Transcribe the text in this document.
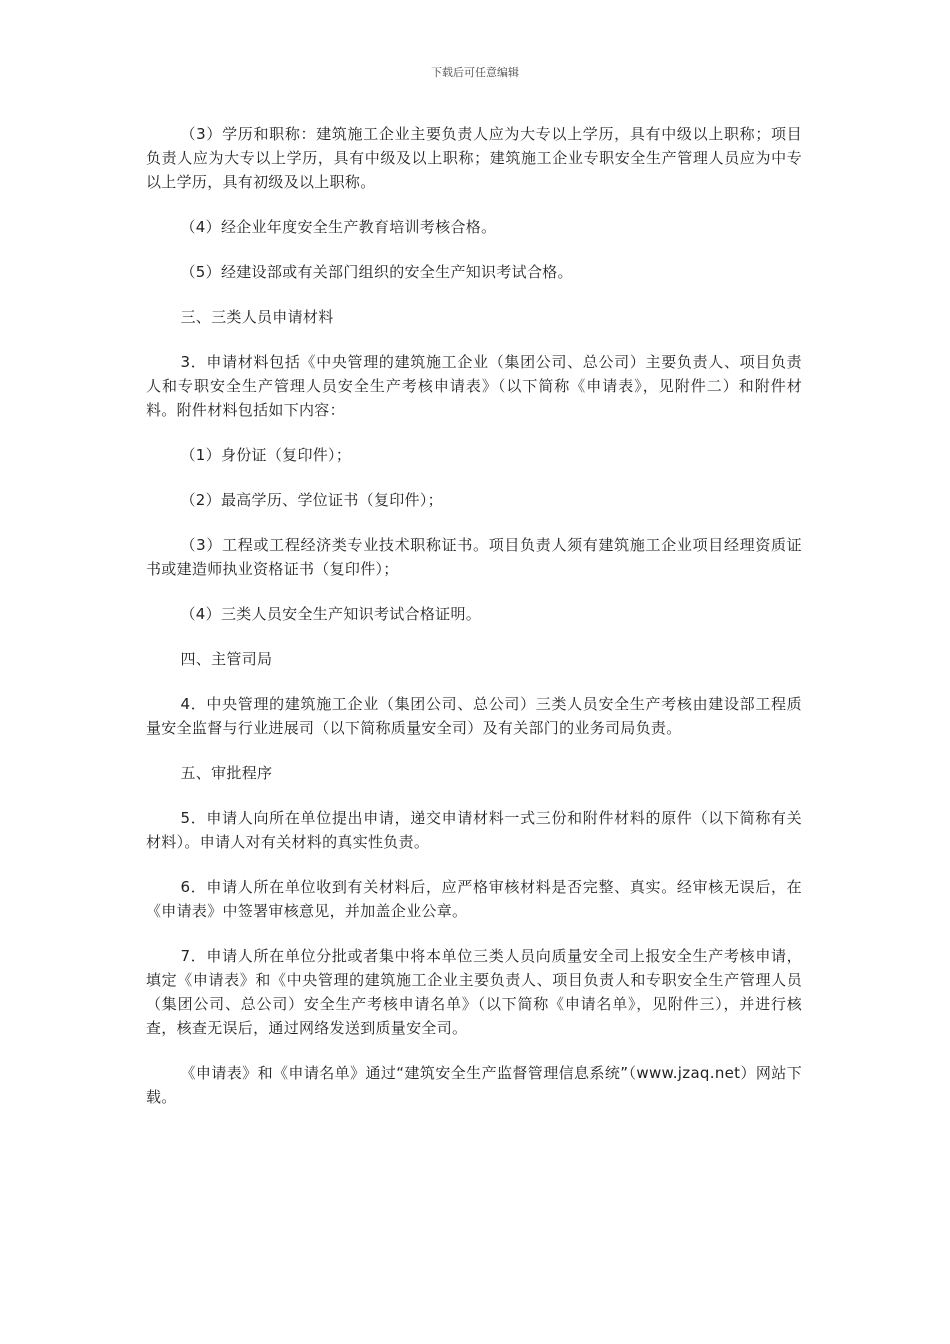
下载后可任意编辑

（3）学历和职称：建筑施工企业主要负责人应为大专以上学历，具有中级以上职称；项目负责人应为大专以上学历，具有中级及以上职称；建筑施工企业专职安全生产管理人员应为中专以上学历，具有初级及以上职称。

（4）经企业年度安全生产教育培训考核合格。

（5）经建设部或有关部门组织的安全生产知识考试合格。

三、三类人员申请材料

3．申请材料包括《中央管理的建筑施工企业（集团公司、总公司）主要负责人、项目负责人和专职安全生产管理人员安全生产考核申请表》（以下简称《申请表》，见附件二）和附件材料。附件材料包括如下内容：

（1）身份证（复印件）；

（2）最高学历、学位证书（复印件）；

（3）工程或工程经济类专业技术职称证书。项目负责人须有建筑施工企业项目经理资质证书或建造师执业资格证书（复印件）；

（4）三类人员安全生产知识考试合格证明。

四、主管司局

4．中央管理的建筑施工企业（集团公司、总公司）三类人员安全生产考核由建设部工程质量安全监督与行业进展司（以下简称质量安全司）及有关部门的业务司局负责。

五、审批程序

5．申请人向所在单位提出申请，递交申请材料一式三份和附件材料的原件（以下简称有关材料）。申请人对有关材料的真实性负责。

6．申请人所在单位收到有关材料后，应严格审核材料是否完整、真实。经审核无误后，在《申请表》中签署审核意见，并加盖企业公章。

7．申请人所在单位分批或者集中将本单位三类人员向质量安全司上报安全生产考核申请，填定《申请表》和《中央管理的建筑施工企业主要负责人、项目负责人和专职安全生产管理人员（集团公司、总公司）安全生产考核申请名单》（以下简称《申请名单》，见附件三），并进行核查，核查无误后，通过网络发送到质量安全司。

《申请表》和《申请名单》通过“建筑安全生产监督管理信息系统”（www.jzaq.net）网站下载。
